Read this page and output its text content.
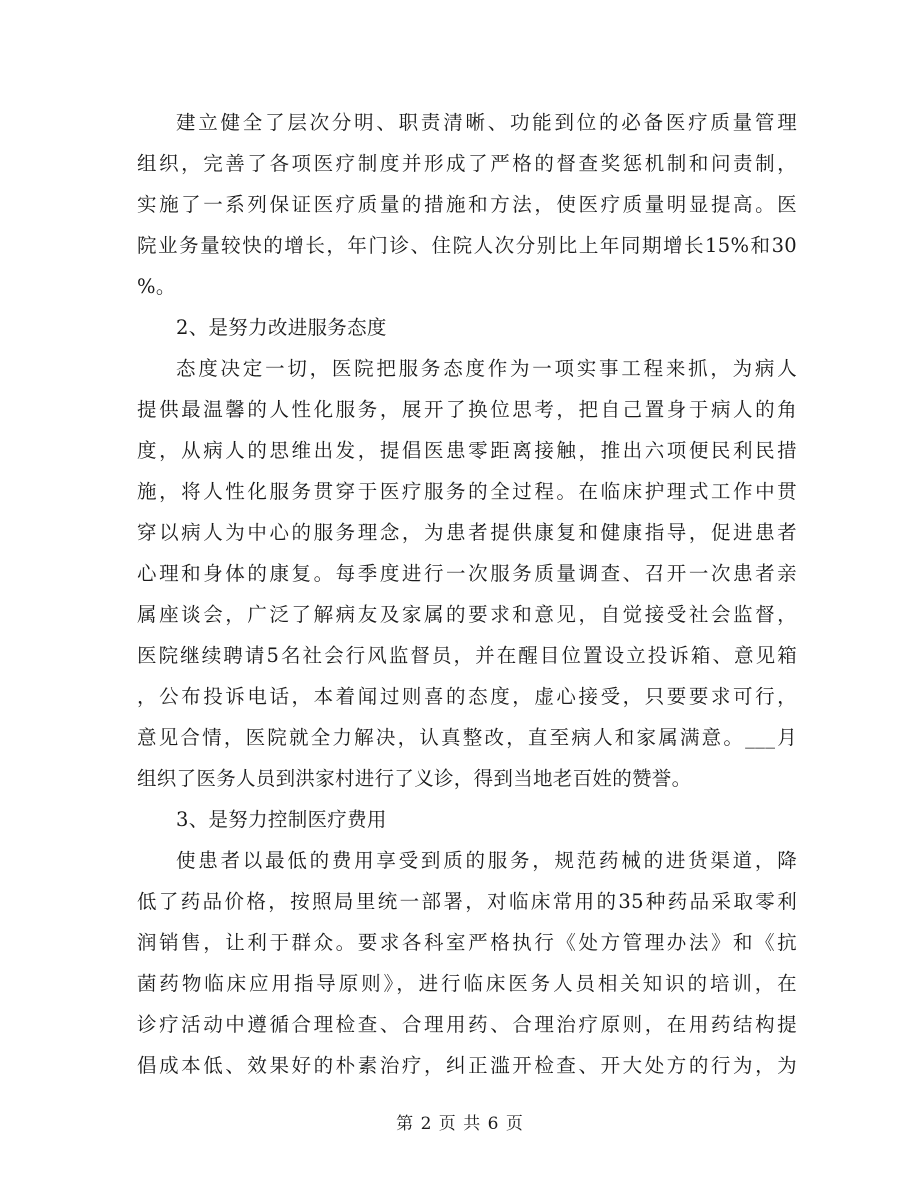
建立健全了层次分明、职责清晰、功能到位的必备医疗质量管理
组织，完善了各项医疗制度并形成了严格的督查奖惩机制和问责制，
实施了一系列保证医疗质量的措施和方法，使医疗质量明显提高。医
院业务量较快的增长，年门诊、住院人次分别比上年同期增长15%和30
%。
2、是努力改进服务态度
态度决定一切，医院把服务态度作为一项实事工程来抓，为病人
提供最温馨的人性化服务，展开了换位思考，把自己置身于病人的角
度，从病人的思维出发，提倡医患零距离接触，推出六项便民利民措
施，将人性化服务贯穿于医疗服务的全过程。在临床护理式工作中贯
穿以病人为中心的服务理念，为患者提供康复和健康指导，促进患者
心理和身体的康复。每季度进行一次服务质量调查、召开一次患者亲
属座谈会，广泛了解病友及家属的要求和意见，自觉接受社会监督，
医院继续聘请5名社会行风监督员，并在醒目位置设立投诉箱、意见箱
，公布投诉电话，本着闻过则喜的态度，虚心接受，只要要求可行，
意见合情，医院就全力解决，认真整改，直至病人和家属满意。___月
组织了医务人员到洪家村进行了义诊，得到当地老百姓的赞誉。
3、是努力控制医疗费用
使患者以最低的费用享受到质的服务，规范药械的进货渠道，降
低了药品价格，按照局里统一部署，对临床常用的35种药品采取零利
润销售，让利于群众。要求各科室严格执行《处方管理办法》和《抗
菌药物临床应用指导原则》，进行临床医务人员相关知识的培训，在
诊疗活动中遵循合理检查、合理用药、合理治疗原则，在用药结构提
倡成本低、效果好的朴素治疗，纠正滥开检查、开大处方的行为，为
第 2 页 共 6 页
